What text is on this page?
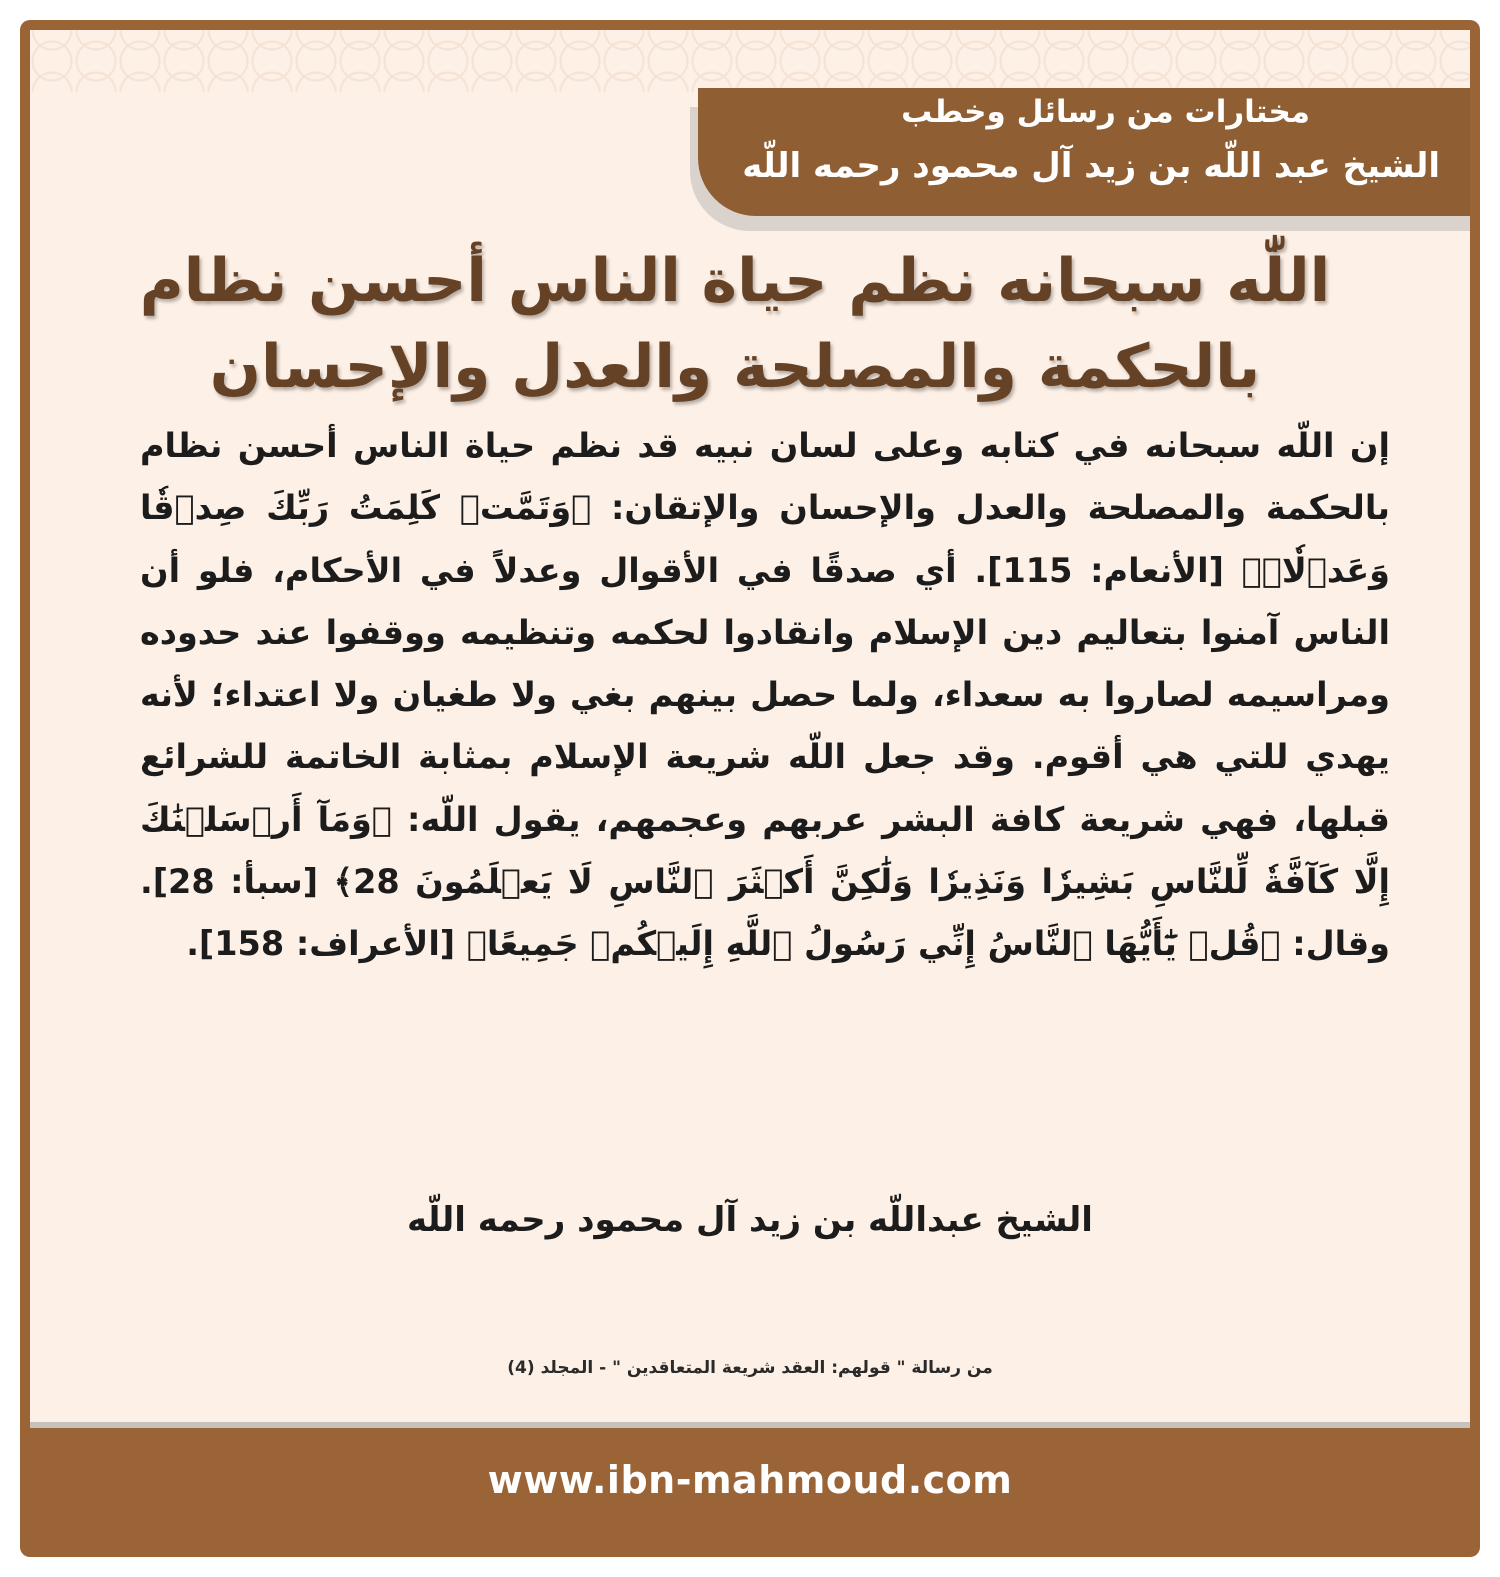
مختارات من رسائل وخطب
الشيخ عبد اللّه بن زيد آل محمود رحمه اللّه
اللّٰه سبحانه نظم حياة الناس أحسن نظام
بالحكمة والمصلحة والعدل والإحسان
إن اللّه سبحانه في كتابه وعلى لسان نبيه قد نظم حياة الناس أحسن نظام بالحكمة والمصلحة والعدل والإحسان والإتقان: ﴿وَتَمَّتۡ كَلِمَتُ رَبِّكَ صِدۡقٗا وَعَدۡلٗاۚ﴾ [الأنعام: 115]. أي صدقًا في الأقوال وعدلاً في الأحكام، فلو أن الناس آمنوا بتعاليم دين الإسلام وانقادوا لحكمه وتنظيمه ووقفوا عند حدوده ومراسيمه لصاروا به سعداء، ولما حصل بينهم بغي ولا طغيان ولا اعتداء؛ لأنه يهدي للتي هي أقوم. وقد جعل اللّه شريعة الإسلام بمثابة الخاتمة للشرائع قبلها، فهي شريعة كافة البشر عربهم وعجمهم، يقول اللّه: ﴿وَمَآ أَرۡسَلۡنَٰكَ إِلَّا كَآفَّةٗ لِّلنَّاسِ بَشِيرٗا وَنَذِيرٗا وَلَٰكِنَّ أَكۡثَرَ ٱلنَّاسِ لَا يَعۡلَمُونَ 28﴾ [سبأ: 28]. وقال: ﴿قُلۡ يَٰٓأَيُّهَا ٱلنَّاسُ إِنِّي رَسُولُ ٱللَّهِ إِلَيۡكُمۡ جَمِيعًا﴾ [الأعراف: 158].
الشيخ عبداللّه بن زيد آل محمود رحمه اللّه
من رسالة " قولهم: العقد شريعة المتعاقدين " - المجلد (4)
www.ibn-mahmoud.com
